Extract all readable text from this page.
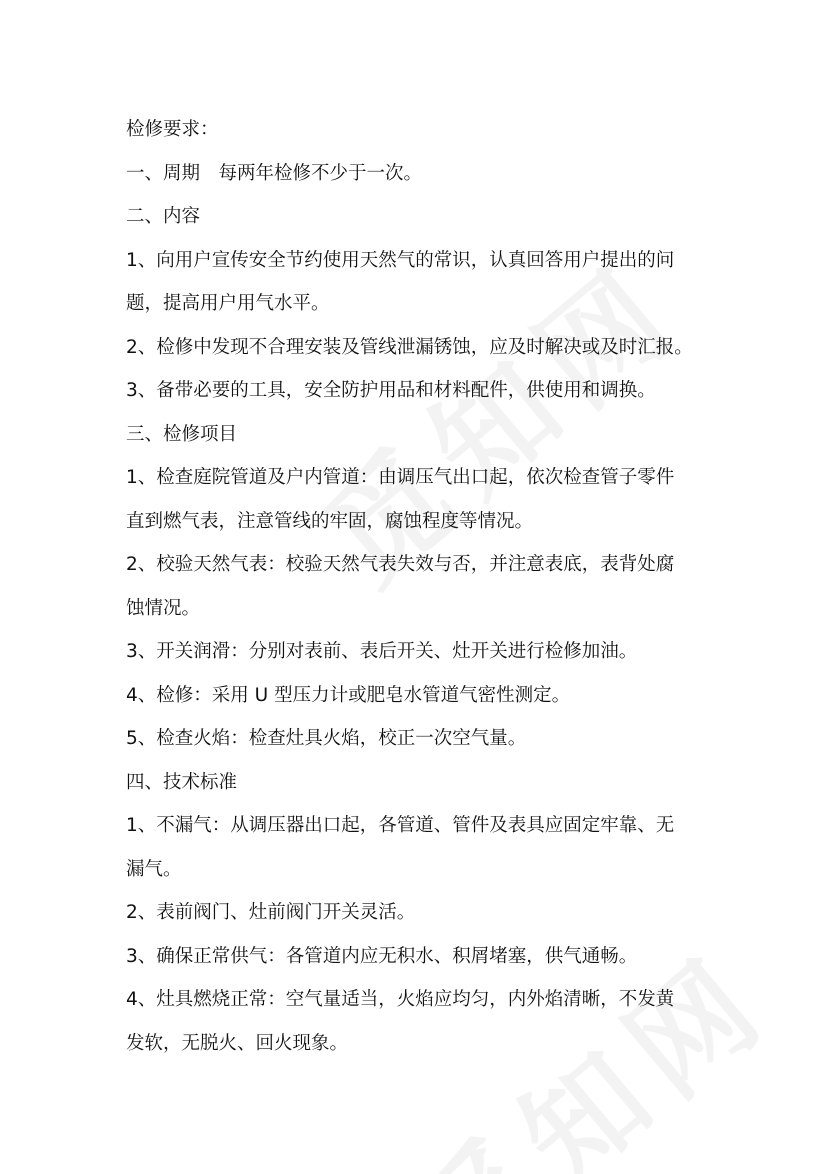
检修要求：

一、周期　每两年检修不少于一次。

二、内容

1、向用户宣传安全节约使用天然气的常识，认真回答用户提出的问

题，提高用户用气水平。

2、检修中发现不合理安装及管线泄漏锈蚀，应及时解决或及时汇报。

3、备带必要的工具，安全防护用品和材料配件，供使用和调换。

三、检修项目

1、检查庭院管道及户内管道：由调压气出口起，依次检查管子零件

直到燃气表，注意管线的牢固，腐蚀程度等情况。

2、校验天然气表：校验天然气表失效与否，并注意表底，表背处腐

蚀情况。

3、开关润滑：分别对表前、表后开关、灶开关进行检修加油。

4、检修：采用 U 型压力计或肥皂水管道气密性测定。

5、检查火焰：检查灶具火焰，校正一次空气量。

四、技术标准

1、不漏气：从调压器出口起，各管道、管件及表具应固定牢靠、无

漏气。

2、表前阀门、灶前阀门开关灵活。

3、确保正常供气：各管道内应无积水、积屑堵塞，供气通畅。

4、灶具燃烧正常：空气量适当，火焰应均匀，内外焰清晰，不发黄

发软，无脱火、回火现象。
